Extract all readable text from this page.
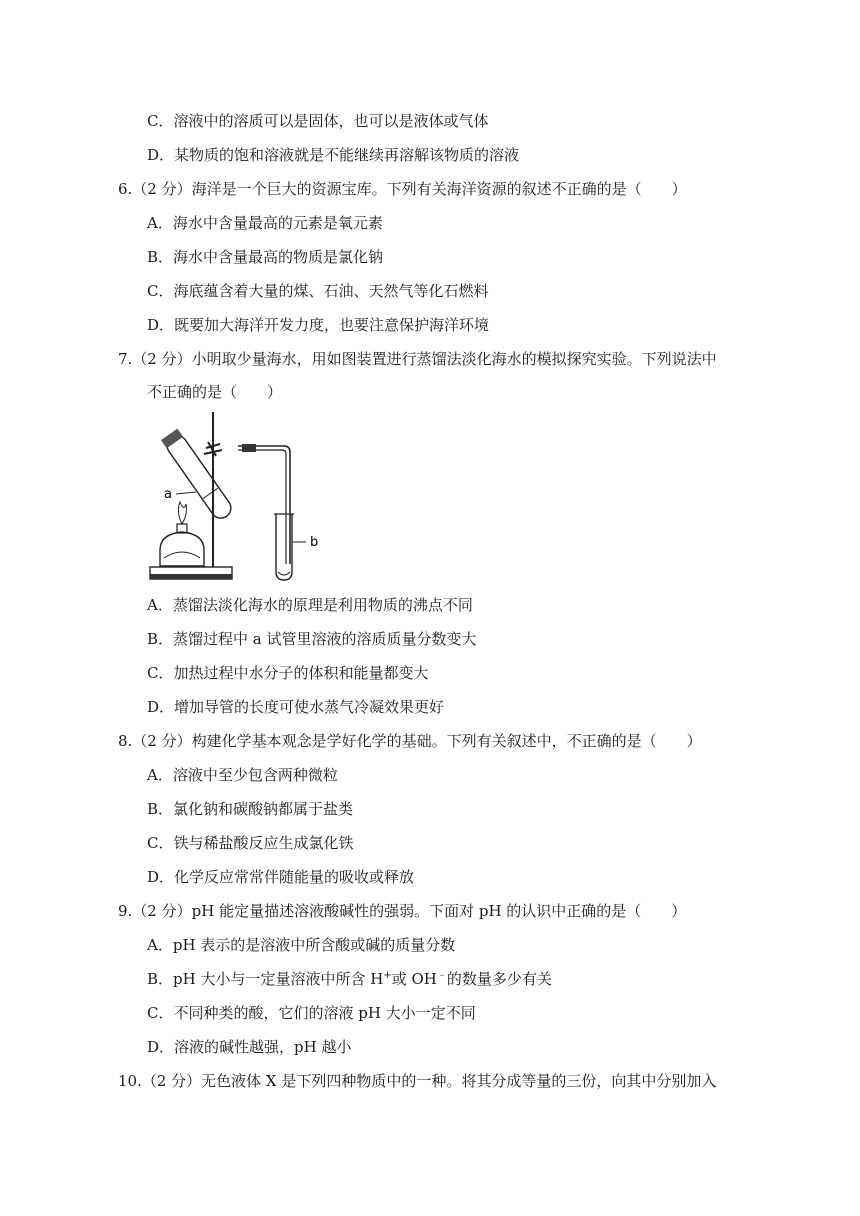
C．溶液中的溶质可以是固体，也可以是液体或气体
D．某物质的饱和溶液就是不能继续再溶解该物质的溶液
6.（2 分）海洋是一个巨大的资源宝库。下列有关海洋资源的叙述不正确的是（　　）
A．海水中含量最高的元素是氧元素
B．海水中含量最高的物质是氯化钠
C．海底蕴含着大量的煤、石油、天然气等化石燃料
D．既要加大海洋开发力度，也要注意保护海洋环境
7.（2 分）小明取少量海水，用如图装置进行蒸馏法淡化海水的模拟探究实验。下列说法中
不正确的是（　　）
a
b
A．蒸馏法淡化海水的原理是利用物质的沸点不同
B．蒸馏过程中 a 试管里溶液的溶质质量分数变大
C．加热过程中水分子的体积和能量都变大
D．增加导管的长度可使水蒸气冷凝效果更好
8.（2 分）构建化学基本观念是学好化学的基础。下列有关叙述中，不正确的是（　　）
A．溶液中至少包含两种微粒
B．氯化钠和碳酸钠都属于盐类
C．铁与稀盐酸反应生成氯化铁
D．化学反应常常伴随能量的吸收或释放
9.（2 分）pH 能定量描述溶液酸碱性的强弱。下面对 pH 的认识中正确的是（　　）
A．pH 表示的是溶液中所含酸或碱的质量分数
B．pH 大小与一定量溶液中所含 H+或 OH﹣的数量多少有关
C．不同种类的酸，它们的溶液 pH 大小一定不同
D．溶液的碱性越强，pH 越小
10.（2 分）无色液体 X 是下列四种物质中的一种。将其分成等量的三份，向其中分别加入
